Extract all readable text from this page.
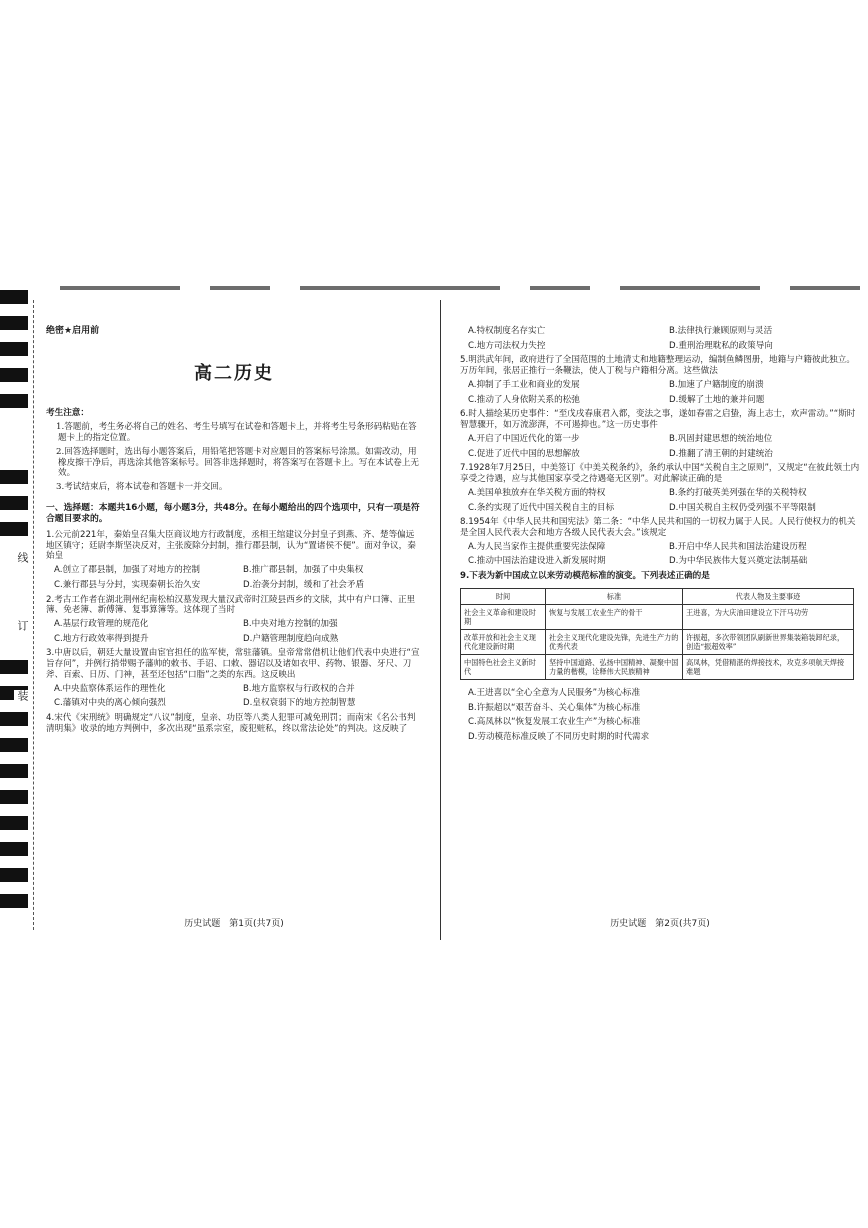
线
订
装
绝密★启用前
高二历史
考生注意：

1.答题前，考生务必将自己的姓名、考生号填写在试卷和答题卡上，并将考生号条形码粘贴在答题卡上的指定位置。

2.回答选择题时，选出每小题答案后，用铅笔把答题卡对应题目的答案标号涂黑。如需改动，用橡皮擦干净后，再选涂其他答案标号。回答非选择题时，将答案写在答题卡上。写在本试卷上无效。

3.考试结束后，将本试卷和答题卡一并交回。

一、选择题：本题共16小题，每小题3分，共48分。在每小题给出的四个选项中，只有一项是符合题目要求的。

1.公元前221年，秦始皇召集大臣商议地方行政制度，丞相王绾建议分封皇子到燕、齐、楚等偏远地区镇守；廷尉李斯坚决反对，主张废除分封制，推行郡县制，认为“置诸侯不便”。面对争议，秦始皇

A.创立了郡县制，加强了对地方的控制	B.推广郡县制，加强了中央集权
C.兼行郡县与分封，实现秦朝长治久安	D.治袭分封制，缓和了社会矛盾

2.考古工作者在湖北荆州纪南松柏汉墓发现大量汉武帝时江陵县西乡的文牍，其中有户口簿、正里簿、免老簿、新傅簿、复事算簿等。这体现了当时

A.基层行政管理的规范化	B.中央对地方控制的加强
C.地方行政效率得到提升	D.户籍管理制度趋向成熟

3.中唐以后，朝廷大量设置由宦官担任的监军使，常驻藩镇。皇帝常常借机让他们代表中央进行“宣旨存问”，并例行捎带赐予藩帅的敕书、手诏、口敕、器诏以及诸如衣甲、药物、银器、牙尺、刀斧、百索、日历、门神，甚至还包括“口脂”之类的东西。这反映出

A.中央监察体系运作的理性化	B.地方监察权与行政权的合并
C.藩镇对中央的离心倾向强烈	D.皇权衰弱下的地方控制智慧

4.宋代《宋刑统》明确规定“八议”制度，皇亲、功臣等八类人犯罪可减免刑罚；而南宋《名公书判清明集》收录的地方判例中，多次出现“虽系宗室，废犯赃私，终以常法论处”的判决。这反映了

历史试题　第1页(共7页)
A.特权制度名存实亡	B.法律执行兼顾原则与灵活
C.地方司法权力失控	D.重刑治理耽私的政策导向

5.明洪武年间，政府进行了全国范围的土地清丈和地籍整理运动，编制鱼鳞图册，地籍与户籍彼此独立。万历年间，张居正推行一条鞭法，使人丁税与户籍相分离。这些做法

A.抑制了手工业和商业的发展	B.加速了户籍制度的崩溃
C.推动了人身依附关系的松弛	D.缓解了土地的兼并问题

6.时人描绘某历史事件：“至戊戌春康君入都，变法之事，遂如春雷之启蛰，海上志士，欢声雷动。”“斯时智慧骤开，如万流澎湃，不可遏抑也。”这一历史事件

A.开启了中国近代化的第一步	B.巩固封建思想的统治地位
C.促进了近代中国的思想解放	D.推翻了清王朝的封建统治

7.1928年7月25日，中美签订《中美关税条约》，条约承认中国“关税自主之原则”，又规定“在彼此领土内享受之待遇，应与其他国家享受之待遇毫无区别”。对此解读正确的是

A.美国单独放弃在华关税方面的特权	B.条约打破英美列强在华的关税特权
C.条约实现了近代中国关税自主的目标	D.中国关税自主权仍受列强不平等限制

8.1954年《中华人民共和国宪法》第二条：“中华人民共和国的一切权力属于人民。人民行使权力的机关是全国人民代表大会和地方各级人民代表大会。”该规定

A.为人民当家作主提供重要宪法保障	B.开启中华人民共和国法治建设历程
C.推动中国法治建设进入新发展时期	D.为中华民族伟大复兴奠定法制基础

9.下表为新中国成立以来劳动模范标准的演变。下列表述正确的是

时间	标准	代表人物及主要事迹
社会主义革命和建设时期	恢复与发展工农业生产的骨干	王进喜，为大庆油田建设立下汗马功劳
改革开放和社会主义现代化建设新时期	社会主义现代化建设先锋，先进生产力的优秀代表	许振超，多次带领团队刷新世界集装箱装卸纪录，创造“振超效率”
中国特色社会主义新时代	坚持中国道路、弘扬中国精神、凝聚中国力量的楷模，诠释伟大民族精神	高凤林，凭借精湛的焊接技术，攻克多项航天焊接难题
A.王进喜以“全心全意为人民服务”为核心标准
B.许振超以“艰苦奋斗、关心集体”为核心标准
C.高凤林以“恢复发展工农业生产”为核心标准
D.劳动模范标准反映了不同历史时期的时代需求
历史试题　第2页(共7页)
